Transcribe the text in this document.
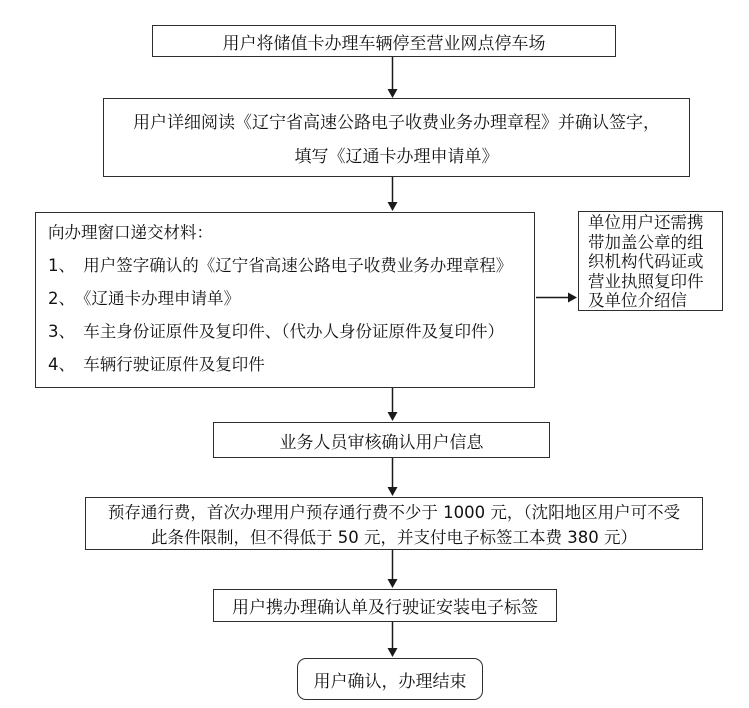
用户将储值卡办理车辆停至营业网点停车场
用户详细阅读《辽宁省高速公路电子收费业务办理章程》并确认签字，
填写《辽通卡办理申请单》
向办理窗口递交材料：
1、　用户签字确认的《辽宁省高速公路电子收费业务办理章程》
2、　《辽通卡办理申请单》
3、　车主身份证原件及复印件、（代办人身份证原件及复印件）
4、　车辆行驶证原件及复印件
单位用户还需携带加盖公章的组织机构代码证或营业执照复印件及单位介绍信
业务人员审核确认用户信息
预存通行费，首次办理用户预存通行费不少于 1000 元，（沈阳地区用户可不受
此条件限制，但不得低于 50 元，并支付电子标签工本费 380 元）
用户携办理确认单及行驶证安装电子标签
用户确认，办理结束
